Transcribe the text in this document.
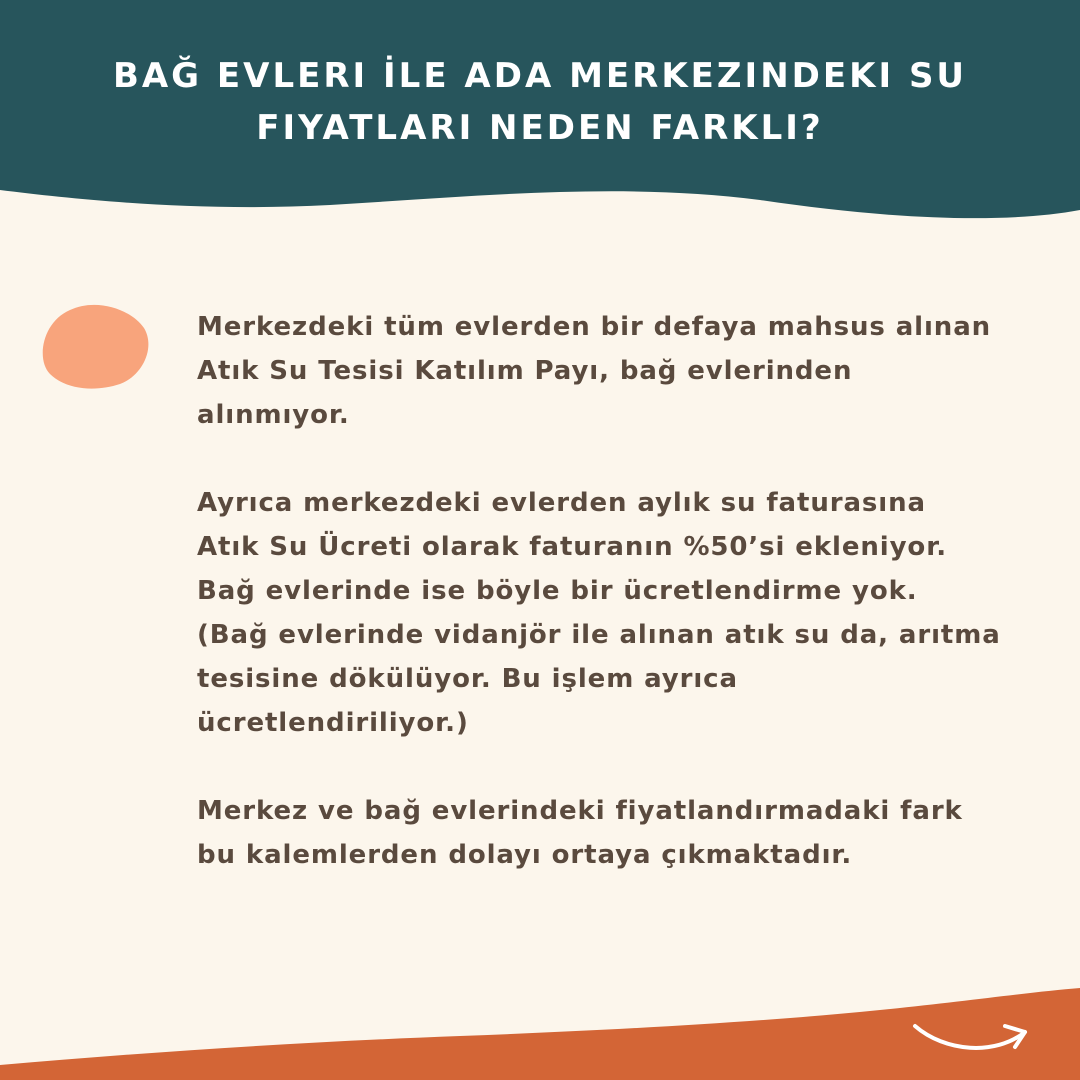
BAĞ EVLERI İLE ADA MERKEZINDEKI SU FIYATLARI NEDEN FARKLI?

Merkezdeki tüm evlerden bir defaya mahsus alınan
Atık Su Tesisi Katılım Payı, bağ evlerinden
alınmıyor.

Ayrıca merkezdeki evlerden aylık su faturasına
Atık Su Ücreti olarak faturanın %50’si ekleniyor.
Bağ evlerinde ise böyle bir ücretlendirme yok.
(Bağ evlerinde vidanjör ile alınan atık su da, arıtma
tesisine dökülüyor. Bu işlem ayrıca
ücretlendiriliyor.)

Merkez ve bağ evlerindeki fiyatlandırmadaki fark
bu kalemlerden dolayı ortaya çıkmaktadır.
